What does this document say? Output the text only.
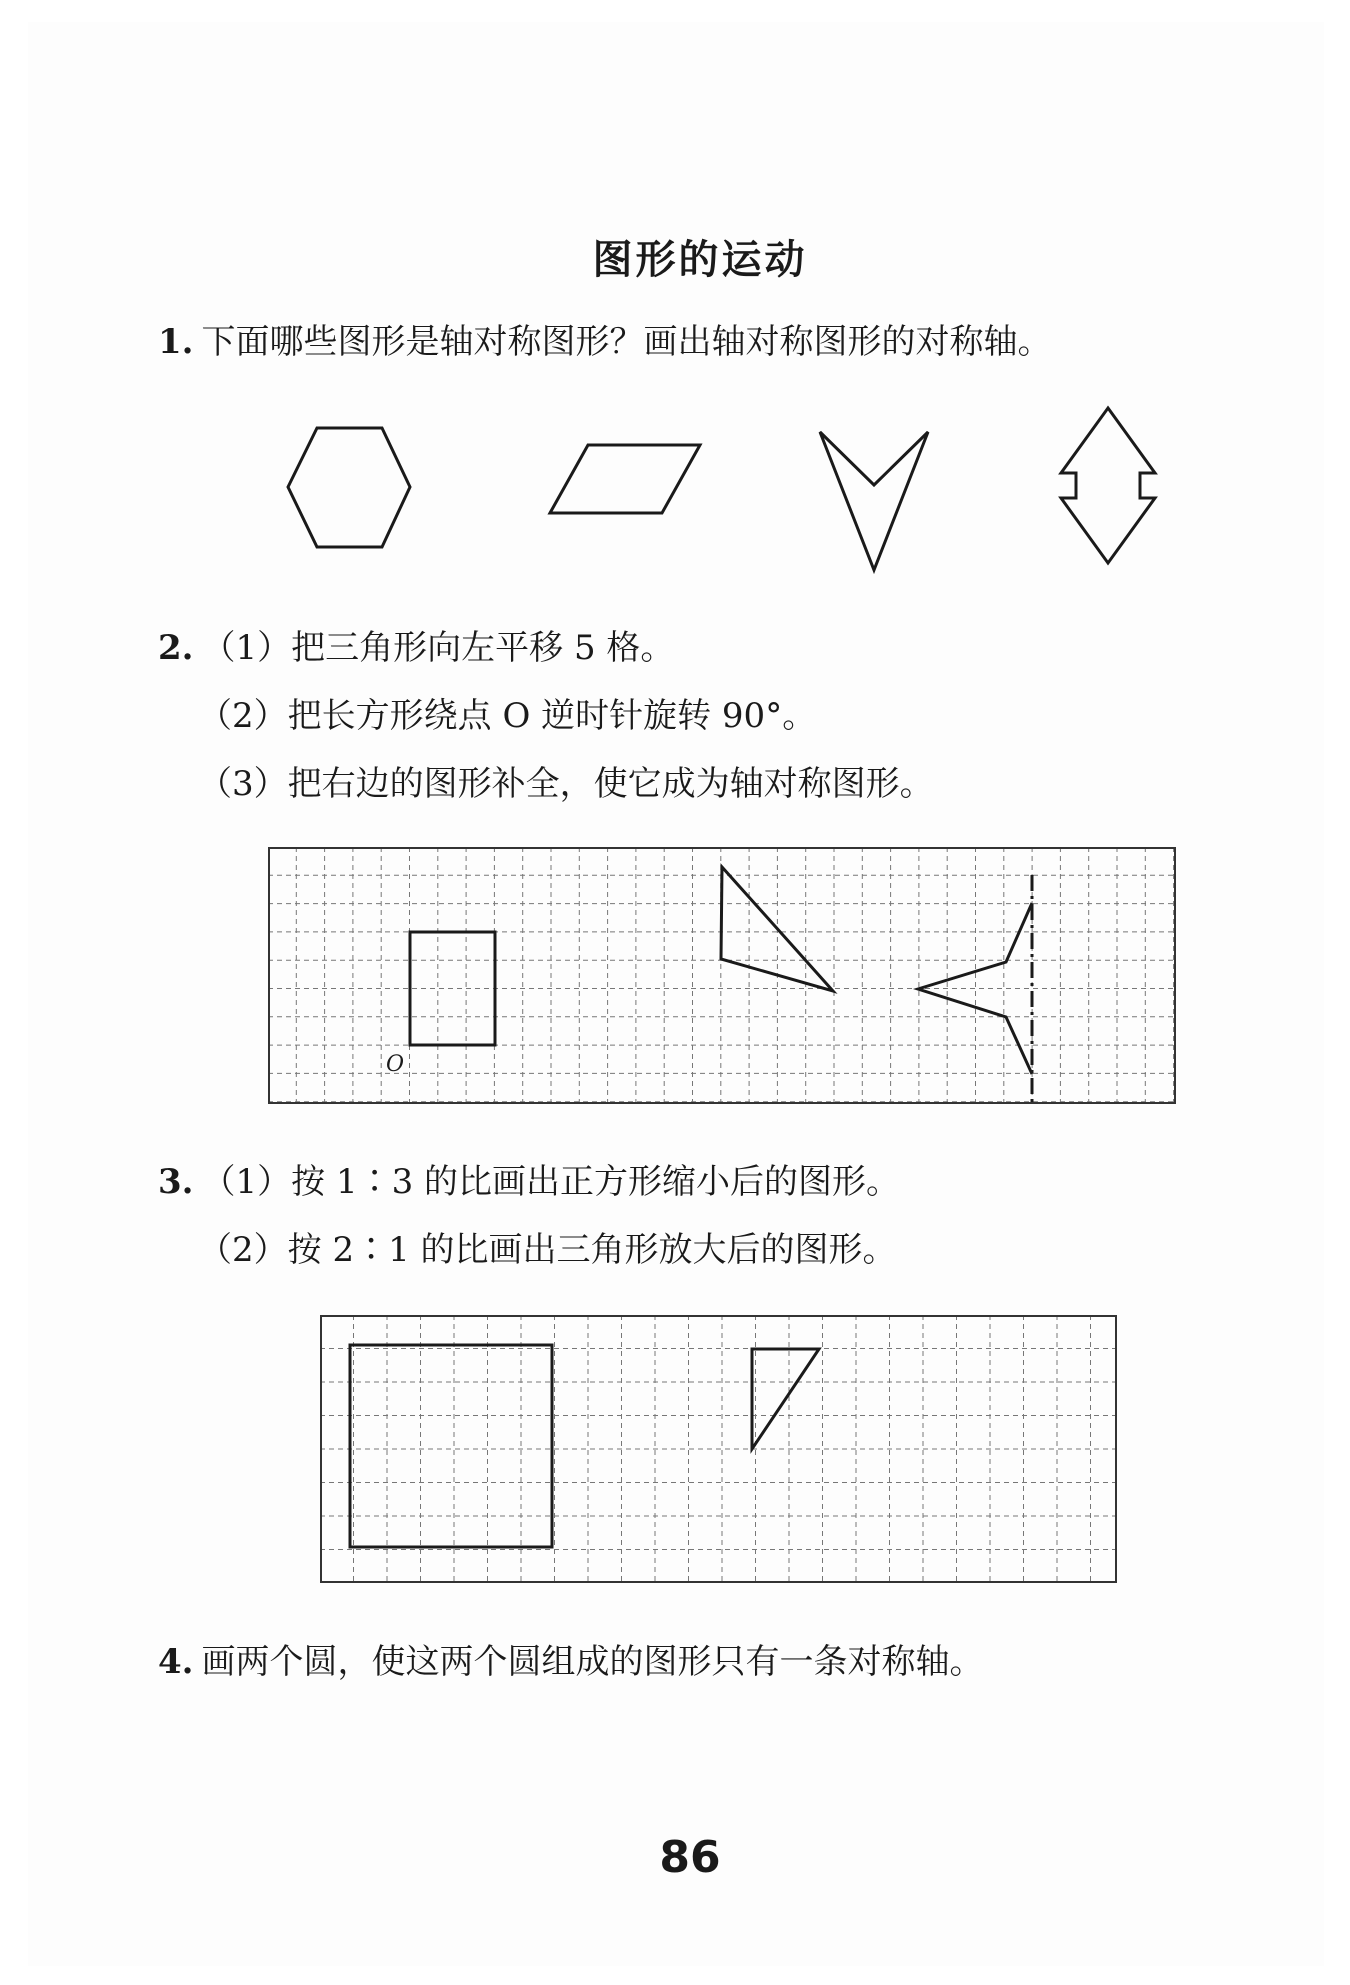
图形的运动
1. 下面哪些图形是轴对称图形？画出轴对称图形的对称轴。
2. （1）把三角形向左平移 5 格。
（2）把长方形绕点 O 逆时针旋转 90°。
（3）把右边的图形补全，使它成为轴对称图形。
O
3. （1）按 1∶3 的比画出正方形缩小后的图形。
（2）按 2∶1 的比画出三角形放大后的图形。
4. 画两个圆，使这两个圆组成的图形只有一条对称轴。
86
